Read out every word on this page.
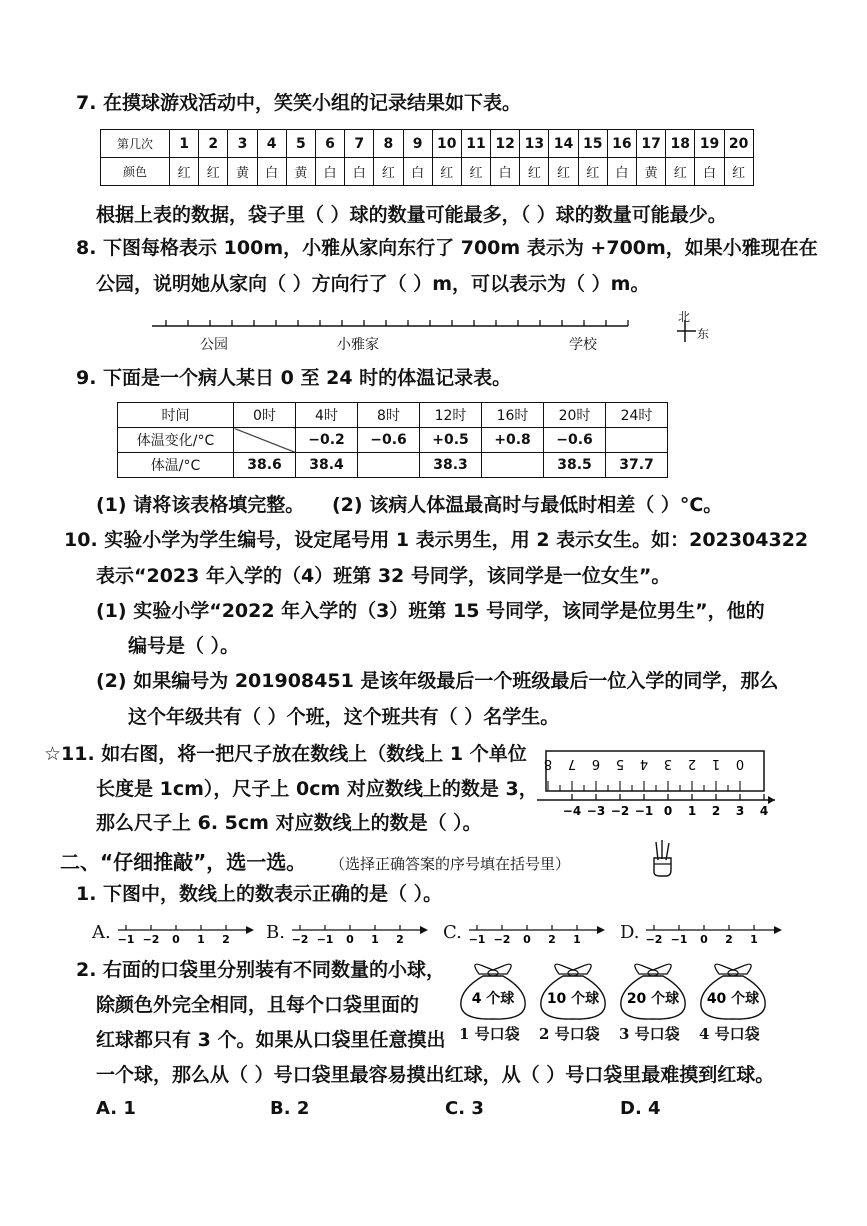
7. 在摸球游戏活动中，笑笑小组的记录结果如下表。
第几次	1	2	3	4	5	6	7	8	9	10	11	12	13	14	15	16	17	18	19	20
颜色	红	红	黄	白	黄	白	白	红	白	红	红	白	红	红	红	白	黄	红	白	红
根据上表的数据，袋子里（ ）球的数量可能最多，（ ）球的数量可能最少。
8. 下图每格表示 100m，小雅从家向东行了 700m 表示为 +700m，如果小雅现在在
公园，说明她从家向（ ）方向行了（ ）m，可以表示为（ ）m。
公园	小雅家	学校
北
东
9. 下面是一个病人某日 0 至 24 时的体温记录表。
时间	0时	4时	8时	12时	16时	20时	24时
体温变化/°C		−0.2	−0.6	+0.5	+0.8	−0.6	
体温/°C	38.6	38.4		38.3		38.5	37.7
(1) 请将该表格填完整。 (2) 该病人体温最高时与最低时相差（ ）°C。
10. 实验小学为学生编号，设定尾号用 1 表示男生，用 2 表示女生。如：202304322
表示“2023 年入学的（4）班第 32 号同学，该同学是一位女生”。
(1) 实验小学“2022 年入学的（3）班第 15 号同学，该同学是位男生”，他的
编号是（ ）。
(2) 如果编号为 201908451 是该年级最后一个班级最后一位入学的同学，那么
这个年级共有（ ）个班，这个班共有（ ）名学生。
☆11. 如右图，将一把尺子放在数线上（数线上 1 个单位
长度是 1cm），尺子上 0cm 对应数线上的数是 3，
那么尺子上 6. 5cm 对应数线上的数是（ ）。
8 7 6 5 4 3 2 1 0
−4 −3 −2 −1 0 1 2 3 4
二、“仔细推敲”，选一选。 （选择正确答案的序号填在括号里）
1. 下图中，数线上的数表示正确的是（ ）。
A. −1 −2 0 1 2 B. −2 −1 0 1 2 C. −1 −2 0 2 1 D. −2 −1 0 2 1
2. 右面的口袋里分别装有不同数量的小球，
除颜色外完全相同，且每个口袋里面的
红球都只有 3 个。如果从口袋里任意摸出
一个球，那么从（ ）号口袋里最容易摸出红球，从（ ）号口袋里最难摸到红球。
4 个球
1 号口袋
10 个球
2 号口袋
20 个球
3 号口袋
40 个球
4 号口袋
A. 1	B. 2	C. 3	D. 4
